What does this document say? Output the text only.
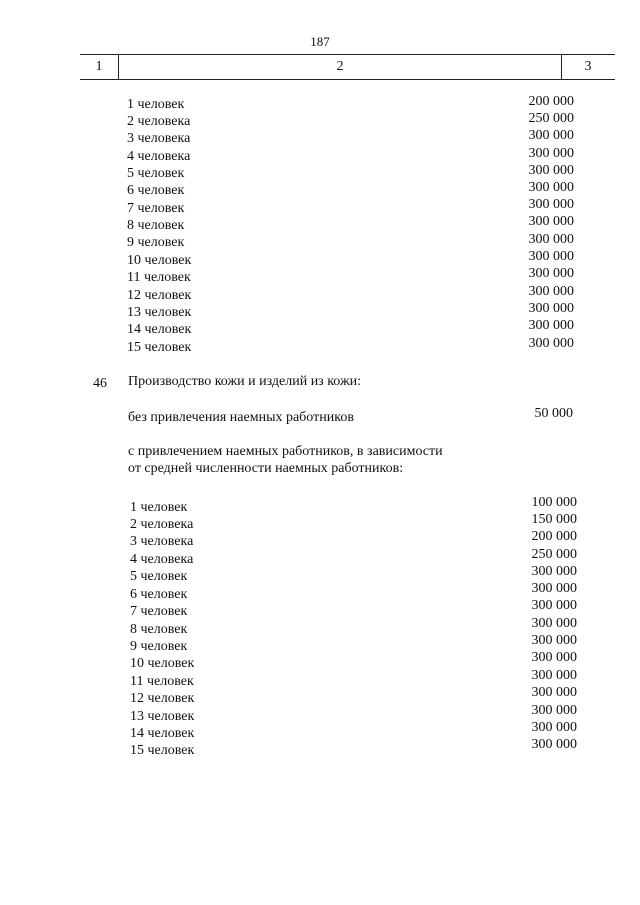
187
1	2	3
1 человек	200 000
2 человека	250 000
3 человека	300 000
4 человека	300 000
5 человек	300 000
6 человек	300 000
7 человек	300 000
8 человек	300 000
9 человек	300 000
10 человек	300 000
11 человек	300 000
12 человек	300 000
13 человек	300 000
14 человек	300 000
15 человек	300 000
46 Производство кожи и изделий из кожи:
без привлечения наемных работников	50 000
с привлечением наемных работников, в зависимости
от средней численности наемных работников:
1 человек	100 000
2 человека	150 000
3 человека	200 000
4 человека	250 000
5 человек	300 000
6 человек	300 000
7 человек	300 000
8 человек	300 000
9 человек	300 000
10 человек	300 000
11 человек	300 000
12 человек	300 000
13 человек	300 000
14 человек	300 000
15 человек	300 000
